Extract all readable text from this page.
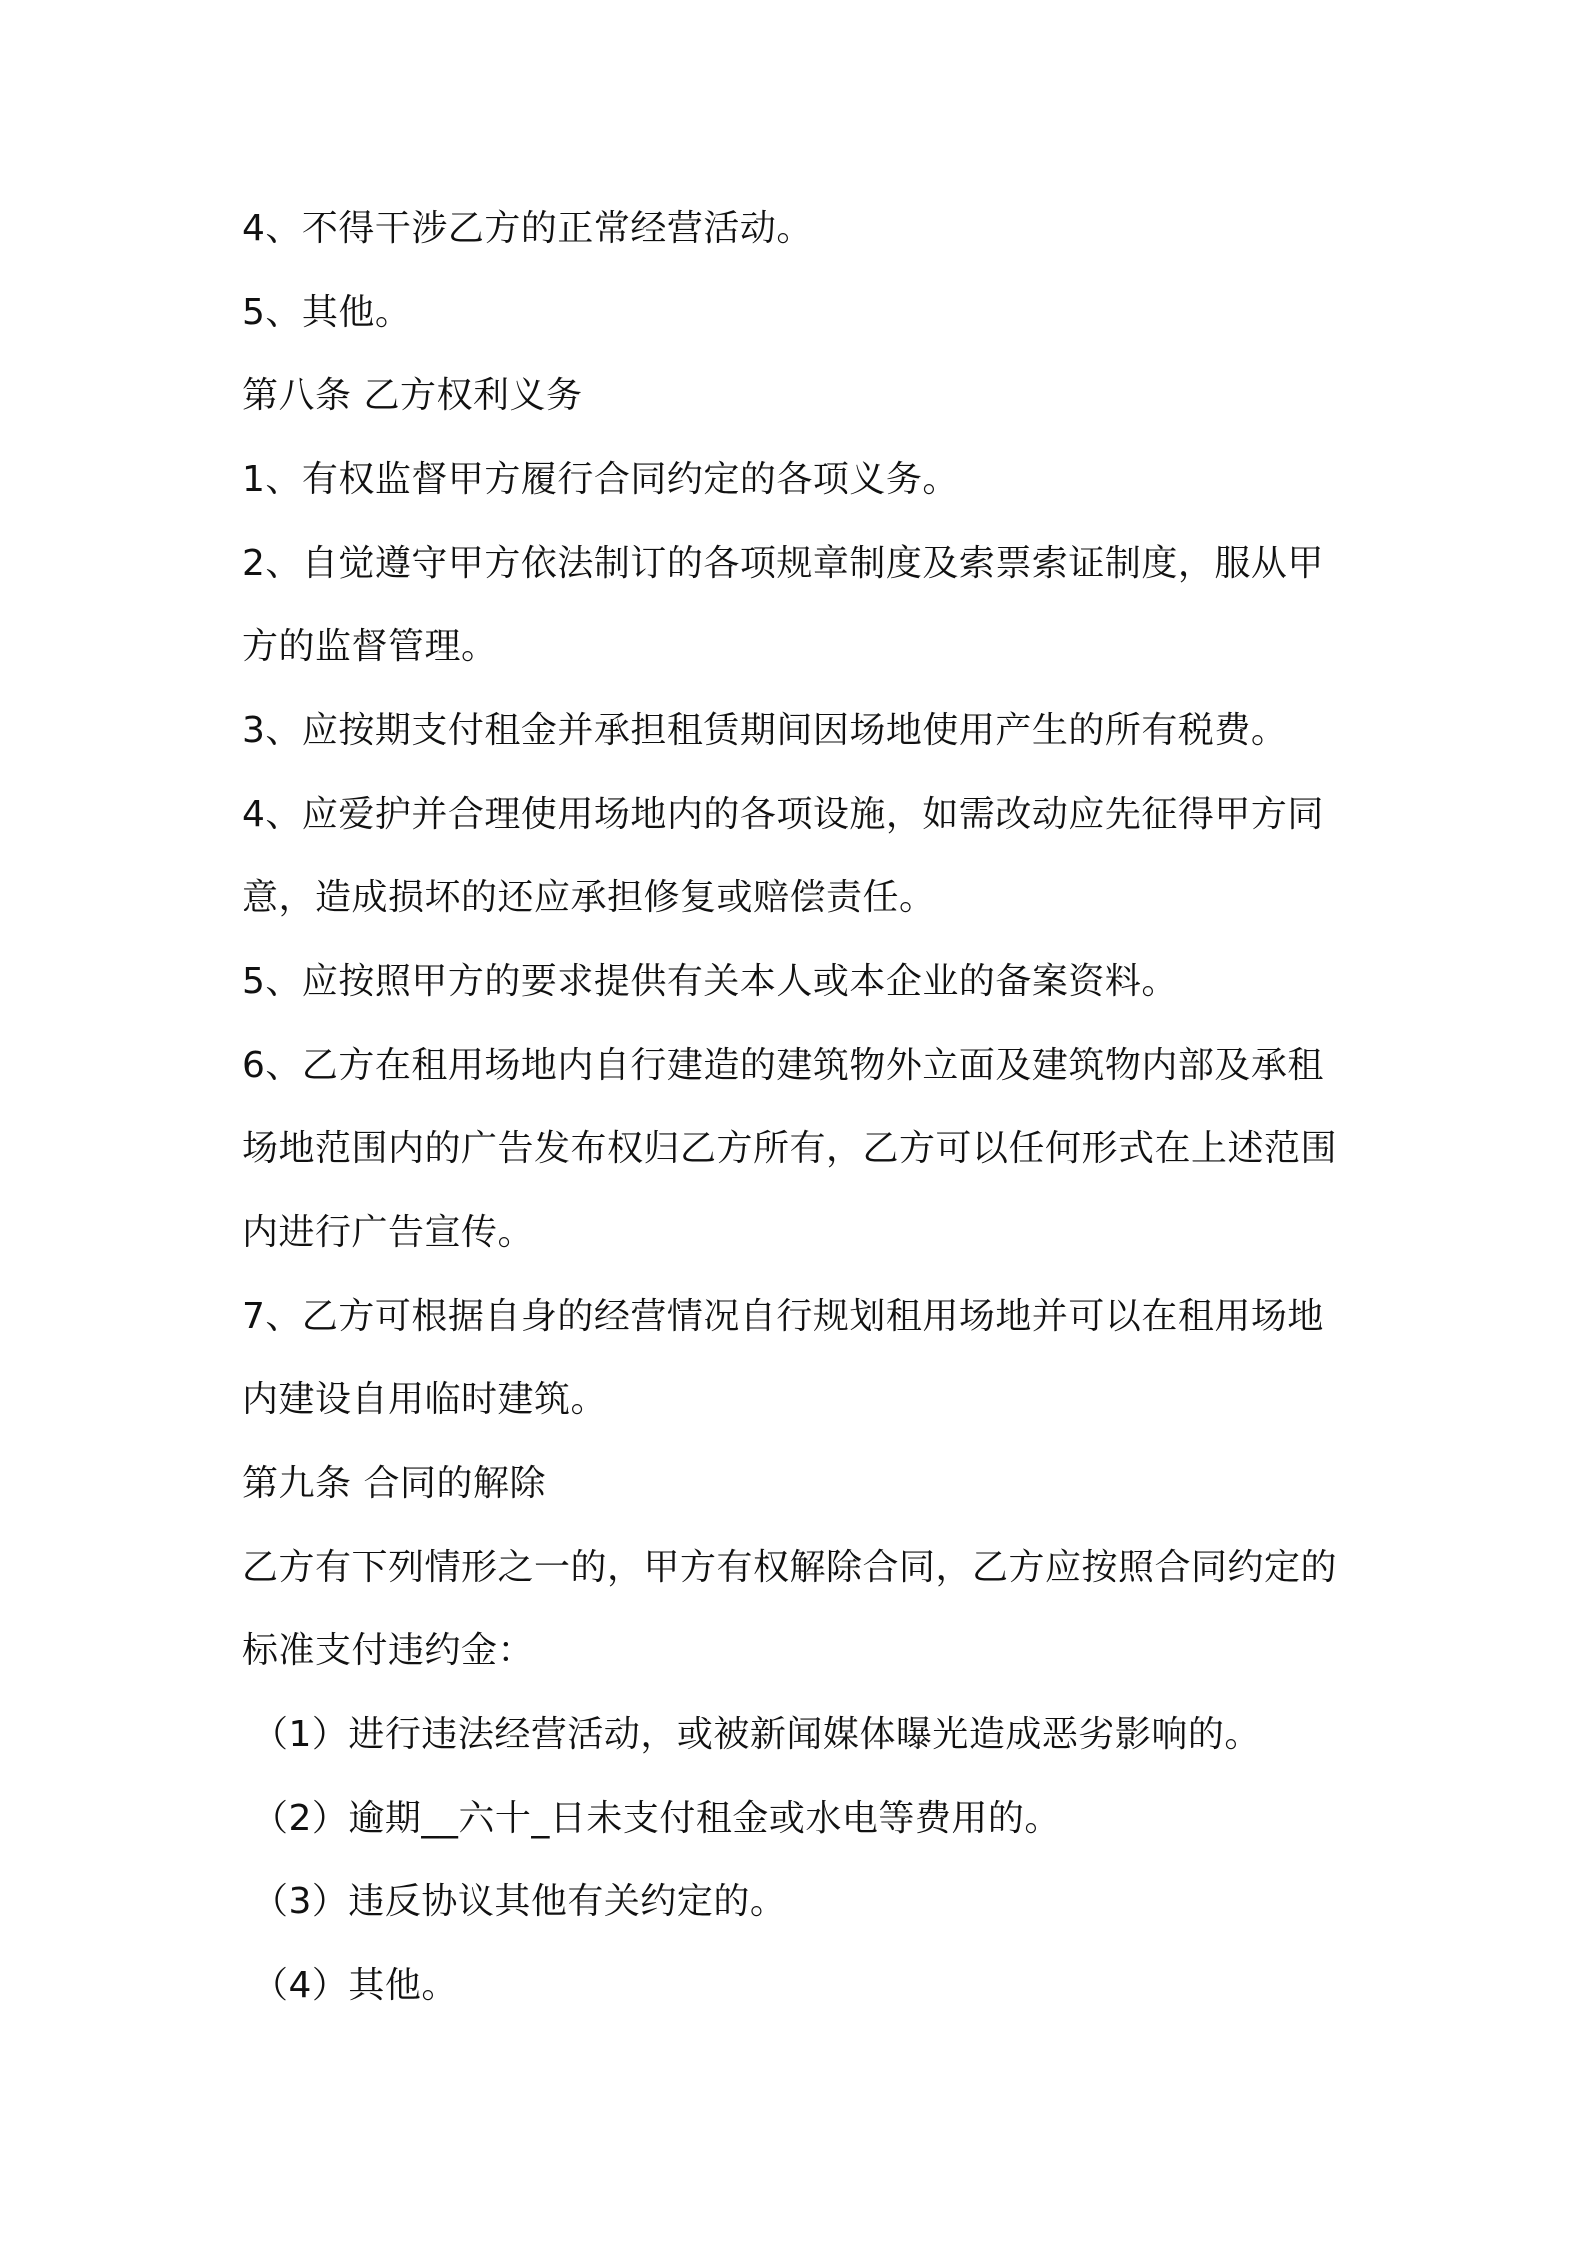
4、不得干涉乙方的正常经营活动。
5、其他。
第八条 乙方权利义务
1、有权监督甲方履行合同约定的各项义务。
2、自觉遵守甲方依法制订的各项规章制度及索票索证制度，服从甲
方的监督管理。
3、应按期支付租金并承担租赁期间因场地使用产生的所有税费。
4、应爱护并合理使用场地内的各项设施，如需改动应先征得甲方同
意，造成损坏的还应承担修复或赔偿责任。
5、应按照甲方的要求提供有关本人或本企业的备案资料。
6、乙方在租用场地内自行建造的建筑物外立面及建筑物内部及承租
场地范围内的广告发布权归乙方所有，乙方可以任何形式在上述范围
内进行广告宣传。
7、乙方可根据自身的经营情况自行规划租用场地并可以在租用场地
内建设自用临时建筑。
第九条 合同的解除
乙方有下列情形之一的，甲方有权解除合同，乙方应按照合同约定的
标准支付违约金：
（1）进行违法经营活动，或被新闻媒体曝光造成恶劣影响的。
（2）逾期__六十_日未支付租金或水电等费用的。
（3）违反协议其他有关约定的。
（4）其他。
